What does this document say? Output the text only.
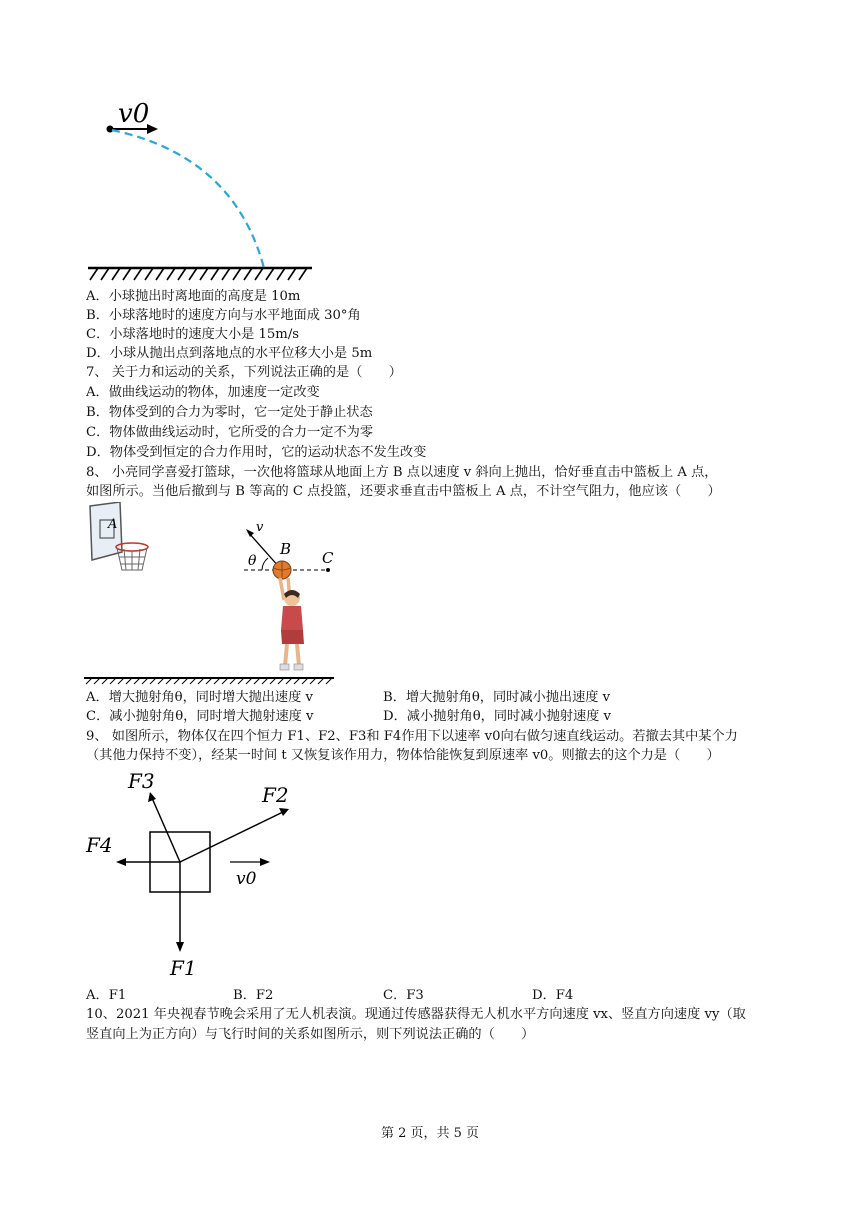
v0
A．小球抛出时离地面的高度是 10m
B．小球落地时的速度方向与水平地面成 30°角
C．小球落地时的速度大小是 15m/s
D．小球从抛出点到落地点的水平位移大小是 5m
7、 关于力和运动的关系，下列说法正确的是（　　）
A．做曲线运动的物体，加速度一定改变
B．物体受到的合力为零时，它一定处于静止状态
C．物体做曲线运动时，它所受的合力一定不为零
D．物体受到恒定的合力作用时，它的运动状态不发生改变
8、 小亮同学喜爱打篮球，一次他将篮球从地面上方 B 点以速度 v 斜向上抛出，恰好垂直击中篮板上 A 点，
如图所示。当他后撤到与 B 等高的 C 点投篮，还要求垂直击中篮板上 A 点，不计空气阻力，他应该（　　）
A
C
v
θ
B
A．增大抛射角θ，同时增大抛出速度 v	B．增大抛射角θ，同时减小抛出速度 v
C．减小抛射角θ，同时增大抛射速度 v	D．减小抛射角θ，同时减小抛射速度 v
9、 如图所示，物体仅在四个恒力 F1、F2、F3和 F4作用下以速率 v0向右做匀速直线运动。若撤去其中某个力
（其他力保持不变），经某一时间 t 又恢复该作用力，物体恰能恢复到原速率 v0。则撤去的这个力是（　　）
F1
F2
F3
F4
v0
A．F1	B．F2	C．F3	D．F4
10、2021 年央视春节晚会采用了无人机表演。现通过传感器获得无人机水平方向速度 vx、竖直方向速度 vy（取
竖直向上为正方向）与飞行时间的关系如图所示，则下列说法正确的（　　）
第 2 页，共 5 页
